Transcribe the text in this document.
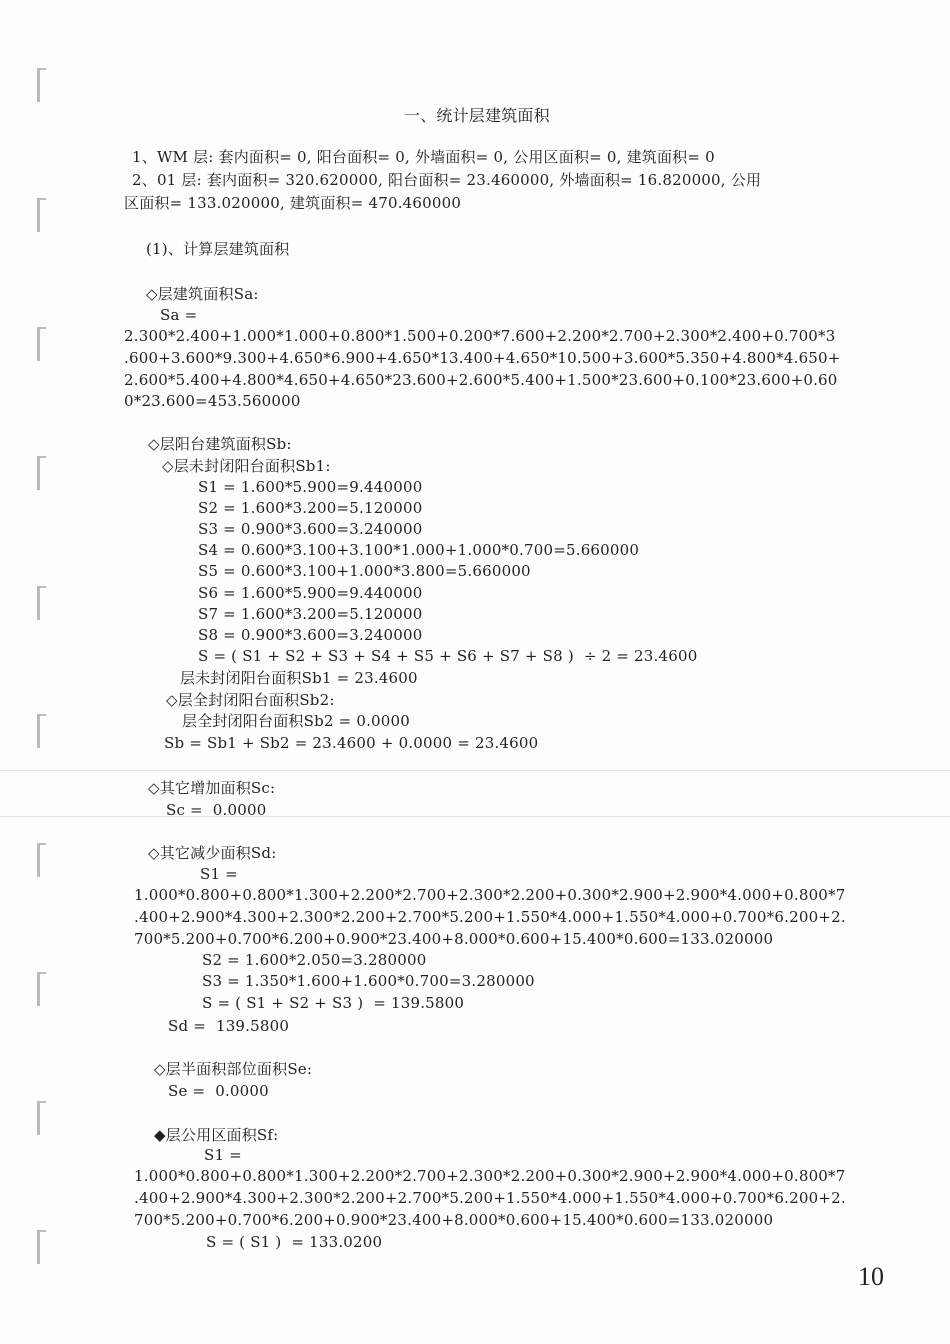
一、统计层建筑面积
1、WM 层: 套内面积= 0, 阳台面积= 0, 外墙面积= 0, 公用区面积= 0, 建筑面积= 0
2、01 层: 套内面积= 320.620000, 阳台面积= 23.460000, 外墙面积= 16.820000, 公用
区面积= 133.020000, 建筑面积= 470.460000
(1)、计算层建筑面积
◇层建筑面积Sa:
Sa =
2.300*2.400+1.000*1.000+0.800*1.500+0.200*7.600+2.200*2.700+2.300*2.400+0.700*3
.600+3.600*9.300+4.650*6.900+4.650*13.400+4.650*10.500+3.600*5.350+4.800*4.650+
2.600*5.400+4.800*4.650+4.650*23.600+2.600*5.400+1.500*23.600+0.100*23.600+0.60
0*23.600=453.560000
◇层阳台建筑面积Sb:
◇层未封闭阳台面积Sb1:
S1 = 1.600*5.900=9.440000
S2 = 1.600*3.200=5.120000
S3 = 0.900*3.600=3.240000
S4 = 0.600*3.100+3.100*1.000+1.000*0.700=5.660000
S5 = 0.600*3.100+1.000*3.800=5.660000
S6 = 1.600*5.900=9.440000
S7 = 1.600*3.200=5.120000
S8 = 0.900*3.600=3.240000
S = ( S1 + S2 + S3 + S4 + S5 + S6 + S7 + S8 )  ÷ 2 = 23.4600
层未封闭阳台面积Sb1 = 23.4600
◇层全封闭阳台面积Sb2:
层全封闭阳台面积Sb2 = 0.0000
Sb = Sb1 + Sb2 = 23.4600 + 0.0000 = 23.4600
◇其它增加面积Sc:
Sc =  0.0000
◇其它减少面积Sd:
S1 =
1.000*0.800+0.800*1.300+2.200*2.700+2.300*2.200+0.300*2.900+2.900*4.000+0.800*7
.400+2.900*4.300+2.300*2.200+2.700*5.200+1.550*4.000+1.550*4.000+0.700*6.200+2.
700*5.200+0.700*6.200+0.900*23.400+8.000*0.600+15.400*0.600=133.020000
S2 = 1.600*2.050=3.280000
S3 = 1.350*1.600+1.600*0.700=3.280000
S = ( S1 + S2 + S3 )  = 139.5800
Sd =  139.5800
◇层半面积部位面积Se:
Se =  0.0000
◆层公用区面积Sf:
S1 =
1.000*0.800+0.800*1.300+2.200*2.700+2.300*2.200+0.300*2.900+2.900*4.000+0.800*7
.400+2.900*4.300+2.300*2.200+2.700*5.200+1.550*4.000+1.550*4.000+0.700*6.200+2.
700*5.200+0.700*6.200+0.900*23.400+8.000*0.600+15.400*0.600=133.020000
S = ( S1 )  = 133.0200
10
